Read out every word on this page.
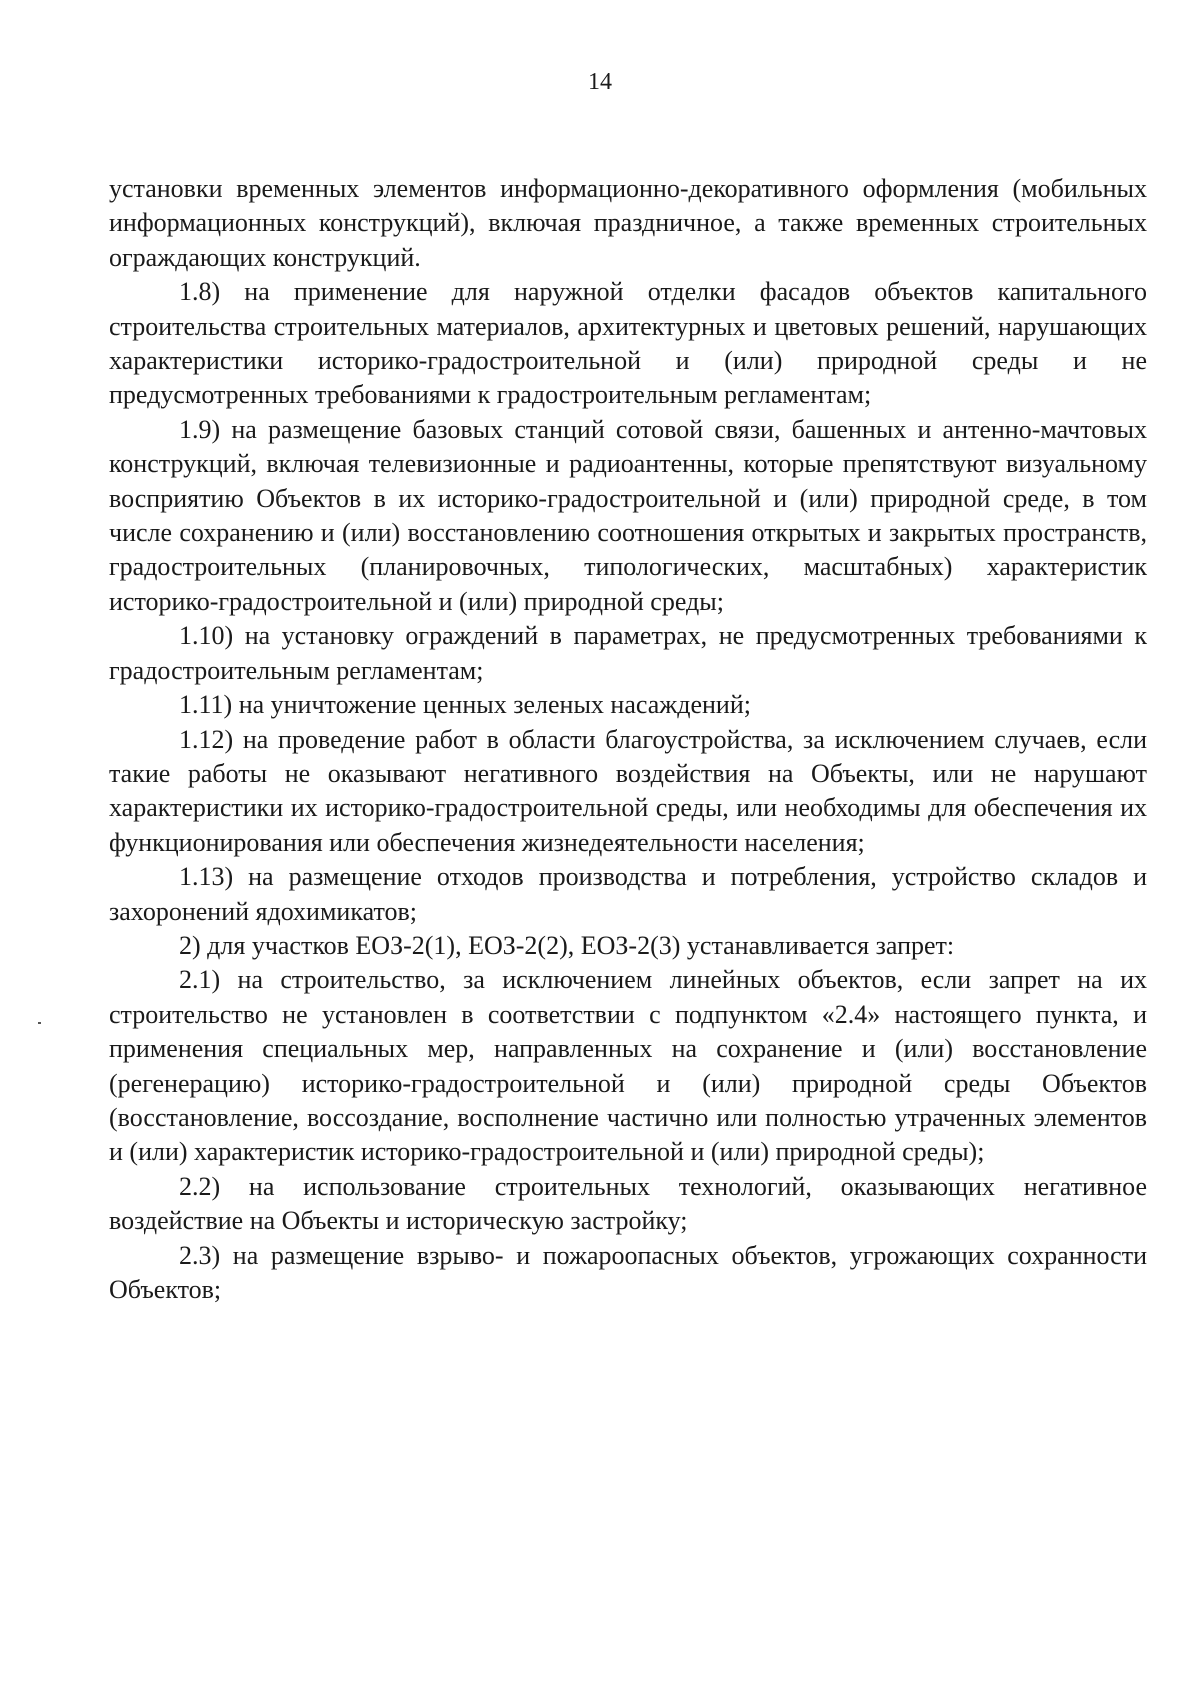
14

установки временных элементов информационно-декоративного оформления (мобильных информационных конструкций), включая праздничное, а также временных строительных ограждающих конструкций.

1.8) на применение для наружной отделки фасадов объектов капитального строительства строительных материалов, архитектурных и цветовых решений, нарушающих характеристики историко-градостроительной и (или) природной среды и не предусмотренных требованиями к градостроительным регламентам;

1.9) на размещение базовых станций сотовой связи, башенных и антенно-мачтовых конструкций, включая телевизионные и радиоантенны, которые препятствуют визуальному восприятию Объектов в их историко-градостроительной и (или) природной среде, в том числе сохранению и (или) восстановлению соотношения открытых и закрытых пространств, градостроительных (планировочных, типологических, масштабных) характеристик историко-градостроительной и (или) природной среды;

1.10) на установку ограждений в параметрах, не предусмотренных требованиями к градостроительным регламентам;

1.11) на уничтожение ценных зеленых насаждений;

1.12) на проведение работ в области благоустройства, за исключением случаев, если такие работы не оказывают негативного воздействия на Объекты, или не нарушают характеристики их историко-градостроительной среды, или необходимы для обеспечения их функционирования или обеспечения жизнедеятельности населения;

1.13) на размещение отходов производства и потребления, устройство складов и захоронений ядохимикатов;

2) для участков ЕОЗ-2(1), ЕОЗ-2(2), ЕОЗ-2(3) устанавливается запрет:

2.1) на строительство, за исключением линейных объектов, если запрет на их строительство не установлен в соответствии с подпунктом «2.4» настоящего пункта, и применения специальных мер, направленных на сохранение и (или) восстановление (регенерацию) историко-градостроительной и (или) природной среды Объектов (восстановление, воссоздание, восполнение частично или полностью утраченных элементов и (или) характеристик историко-градостроительной и (или) природной среды);

2.2) на использование строительных технологий, оказывающих негативное воздействие на Объекты и историческую застройку;

2.3) на размещение взрыво- и пожароопасных объектов, угрожающих сохранности Объектов;
